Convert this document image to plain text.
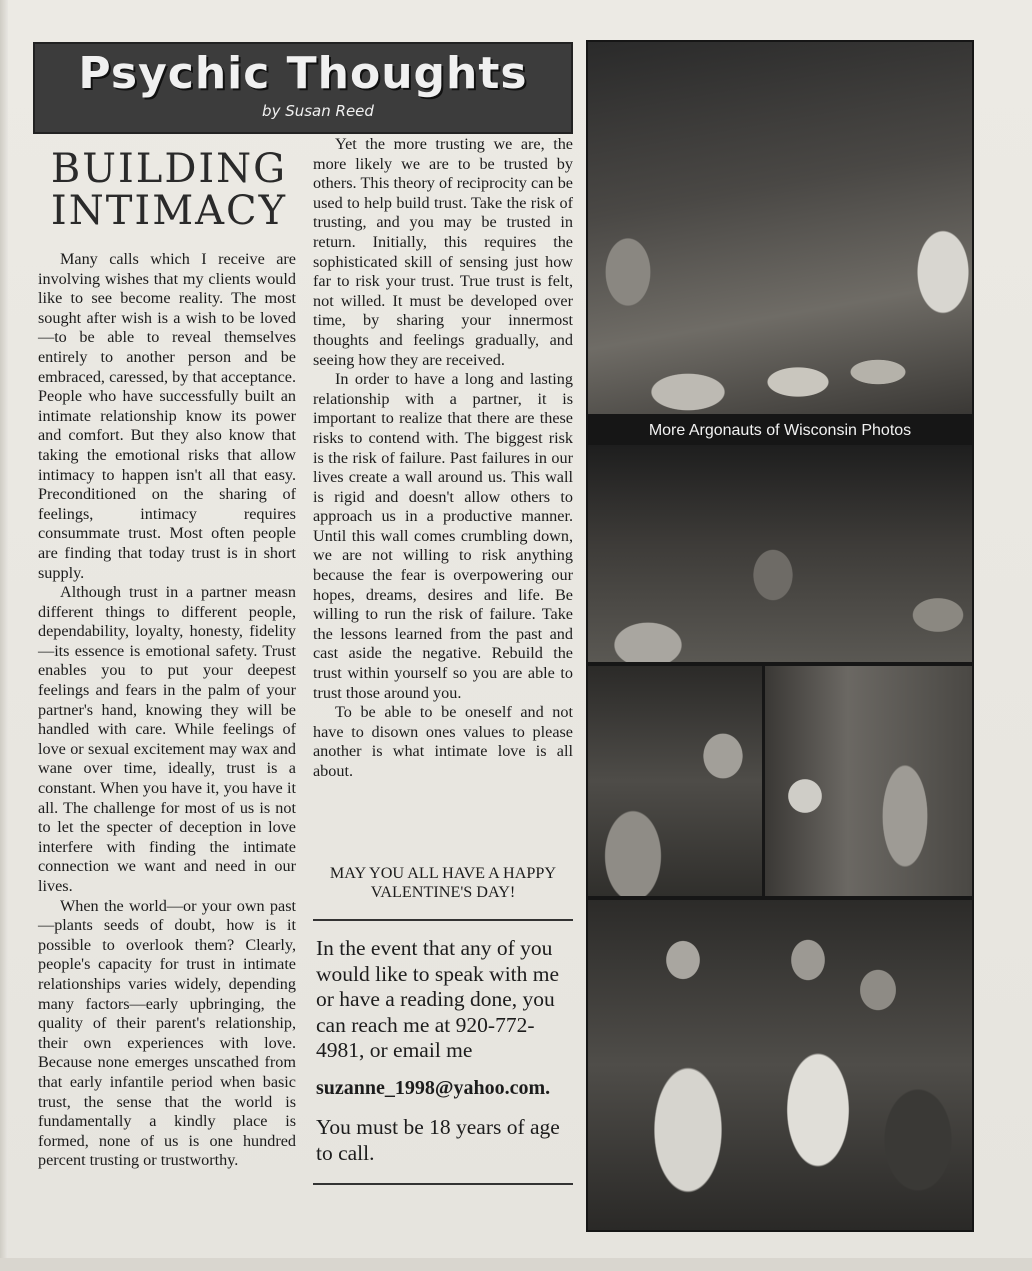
Psychic Thoughts
by Susan Reed
BUILDING
INTIMACY

Many calls which I receive are involving wishes that my clients would like to see become reality. The most sought after wish is a wish to be loved—to be able to reveal themselves entirely to another person and be embraced, caressed, by that acceptance. People who have successfully built an intimate relationship know its power and comfort. But they also know that taking the emotional risks that allow intimacy to happen isn't all that easy. Preconditioned on the sharing of feelings, intimacy requires consummate trust. Most often people are finding that today trust is in short supply.

Although trust in a partner measn different things to different people, dependability, loyalty, honesty, fidelity—its essence is emotional safety. Trust enables you to put your deepest feelings and fears in the palm of your partner's hand, knowing they will be handled with care. While feelings of love or sexual excitement may wax and wane over time, ideally, trust is a constant. When you have it, you have it all. The challenge for most of us is not to let the specter of deception in love interfere with finding the intimate connection we want and need in our lives.

When the world—or your own past—plants seeds of doubt, how is it possible to overlook them? Clearly, people's capacity for trust in intimate relationships varies widely, depending many factors—early upbringing, the quality of their parent's relationship, their own experiences with love. Because none emerges unscathed from that early infantile period when basic trust, the sense that the world is fundamentally a kindly place is formed, none of us is one hundred percent trusting or trustworthy.

Yet the more trusting we are, the more likely we are to be trusted by others. This theory of reciprocity can be used to help build trust. Take the risk of trusting, and you may be trusted in return. Initially, this requires the sophisticated skill of sensing just how far to risk your trust. True trust is felt, not willed. It must be developed over time, by sharing your innermost thoughts and feelings gradually, and seeing how they are received.

In order to have a long and lasting relationship with a partner, it is important to realize that there are these risks to contend with. The biggest risk is the risk of failure. Past failures in our lives create a wall around us. This wall is rigid and doesn't allow others to approach us in a productive manner. Until this wall comes crumbling down, we are not willing to risk anything because the fear is overpowering our hopes, dreams, desires and life. Be willing to run the risk of failure. Take the lessons learned from the past and cast aside the negative. Rebuild the trust within yourself so you are able to trust those around you.

To be able to be oneself and not have to disown ones values to please another is what intimate love is all about.

MAY YOU ALL HAVE A HAPPY VALENTINE'S DAY!

In the event that any of you would like to speak with me or have a reading done, you can reach me at 920-772-4981, or email me

suzanne_1998@yahoo.com.

You must be 18 years of age to call.

More Argonauts of Wisconsin Photos
